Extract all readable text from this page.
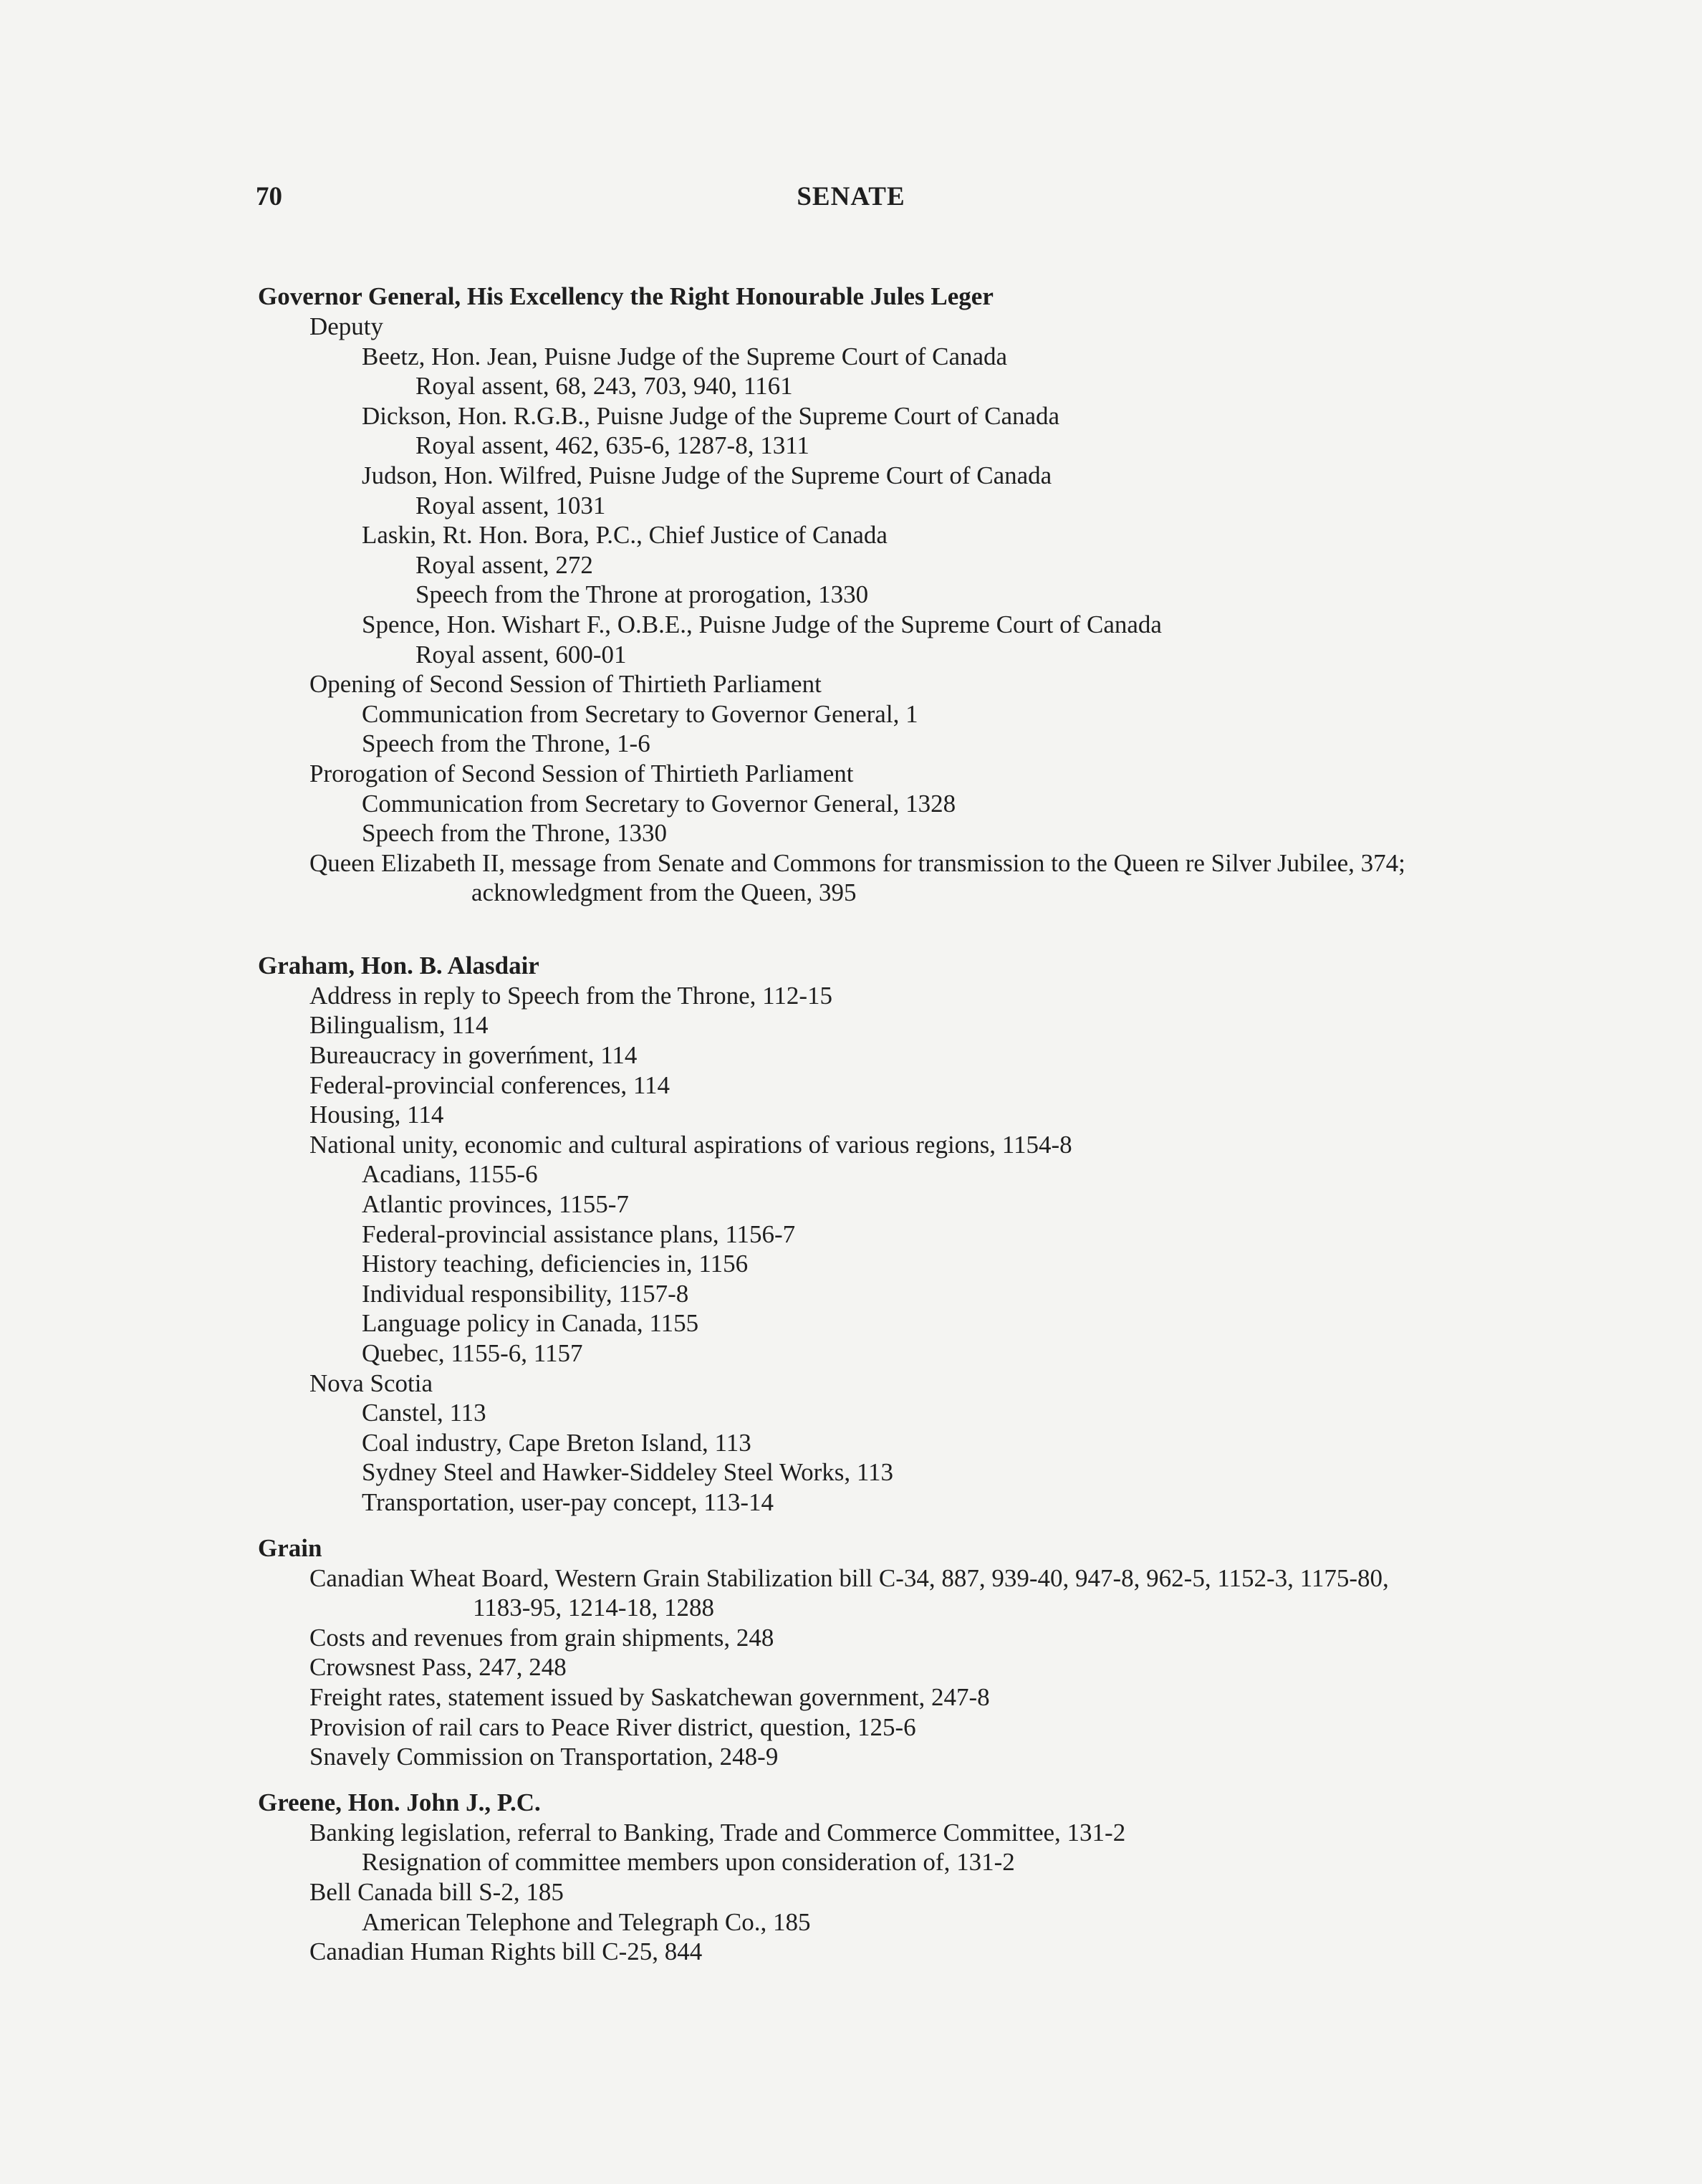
70	SENATE
Governor General, His Excellency the Right Honourable Jules Leger
Deputy
Beetz, Hon. Jean, Puisne Judge of the Supreme Court of Canada
Royal assent, 68, 243, 703, 940, 1161
Dickson, Hon. R.G.B., Puisne Judge of the Supreme Court of Canada
Royal assent, 462, 635-6, 1287-8, 1311
Judson, Hon. Wilfred, Puisne Judge of the Supreme Court of Canada
Royal assent, 1031
Laskin, Rt. Hon. Bora, P.C., Chief Justice of Canada
Royal assent, 272
Speech from the Throne at prorogation, 1330
Spence, Hon. Wishart F., O.B.E., Puisne Judge of the Supreme Court of Canada
Royal assent, 600-01
Opening of Second Session of Thirtieth Parliament
Communication from Secretary to Governor General, 1
Speech from the Throne, 1-6
Prorogation of Second Session of Thirtieth Parliament
Communication from Secretary to Governor General, 1328
Speech from the Throne, 1330
Queen Elizabeth II, message from Senate and Commons for transmission to the Queen re Silver Jubilee, 374;
acknowledgment from the Queen, 395
Graham, Hon. B. Alasdair
Address in reply to Speech from the Throne, 112-15
Bilingualism, 114
Bureaucracy in goverńment, 114
Federal-provincial conferences, 114
Housing, 114
National unity, economic and cultural aspirations of various regions, 1154-8
Acadians, 1155-6
Atlantic provinces, 1155-7
Federal-provincial assistance plans, 1156-7
History teaching, deficiencies in, 1156
Individual responsibility, 1157-8
Language policy in Canada, 1155
Quebec, 1155-6, 1157
Nova Scotia
Canstel, 113
Coal industry, Cape Breton Island, 113
Sydney Steel and Hawker-Siddeley Steel Works, 113
Transportation, user-pay concept, 113-14
Grain
Canadian Wheat Board, Western Grain Stabilization bill C-34, 887, 939-40, 947-8, 962-5, 1152-3, 1175-80,
1183-95, 1214-18, 1288
Costs and revenues from grain shipments, 248
Crowsnest Pass, 247, 248
Freight rates, statement issued by Saskatchewan government, 247-8
Provision of rail cars to Peace River district, question, 125-6
Snavely Commission on Transportation, 248-9
Greene, Hon. John J., P.C.
Banking legislation, referral to Banking, Trade and Commerce Committee, 131-2
Resignation of committee members upon consideration of, 131-2
Bell Canada bill S-2, 185
American Telephone and Telegraph Co., 185
Canadian Human Rights bill C-25, 844
